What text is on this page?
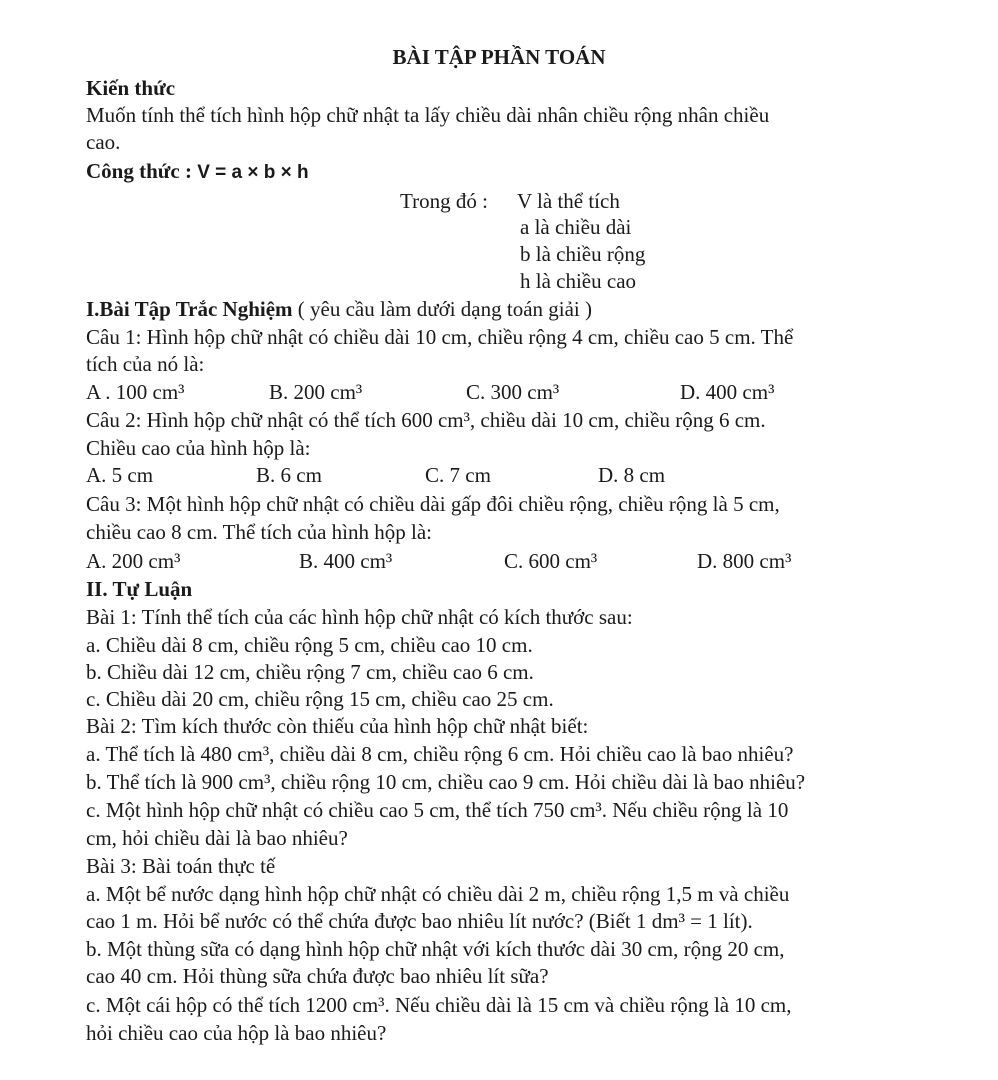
BÀI TẬP PHẦN TOÁN
Kiến thức
Muốn tính thể tích hình hộp chữ nhật ta lấy chiều dài nhân chiều rộng nhân chiều
cao.
Công thức : V = a × b × h
Trong đó :	V là thể tích
a là chiều dài
b là chiều rộng
h là chiều cao
I.Bài Tập Trắc Nghiệm ( yêu cầu làm dưới dạng toán giải )
Câu 1: Hình hộp chữ nhật có chiều dài 10 cm, chiều rộng 4 cm, chiều cao 5 cm. Thể
tích của nó là:
A . 100 cm³	B. 200 cm³	C. 300 cm³	D. 400 cm³
Câu 2: Hình hộp chữ nhật có thể tích 600 cm³, chiều dài 10 cm, chiều rộng 6 cm.
Chiều cao của hình hộp là:
A. 5 cm	B. 6 cm	C. 7 cm	D. 8 cm
Câu 3: Một hình hộp chữ nhật có chiều dài gấp đôi chiều rộng, chiều rộng là 5 cm,
chiều cao 8 cm. Thể tích của hình hộp là:
A. 200 cm³	B. 400 cm³	C. 600 cm³	D. 800 cm³
II. Tự Luận
Bài 1: Tính thể tích của các hình hộp chữ nhật có kích thước sau:
a. Chiều dài 8 cm, chiều rộng 5 cm, chiều cao 10 cm.
b. Chiều dài 12 cm, chiều rộng 7 cm, chiều cao 6 cm.
c. Chiều dài 20 cm, chiều rộng 15 cm, chiều cao 25 cm.
Bài 2: Tìm kích thước còn thiếu của hình hộp chữ nhật biết:
a. Thể tích là 480 cm³, chiều dài 8 cm, chiều rộng 6 cm. Hỏi chiều cao là bao nhiêu?
b. Thể tích là 900 cm³, chiều rộng 10 cm, chiều cao 9 cm. Hỏi chiều dài là bao nhiêu?
c. Một hình hộp chữ nhật có chiều cao 5 cm, thể tích 750 cm³. Nếu chiều rộng là 10
cm, hỏi chiều dài là bao nhiêu?
Bài 3: Bài toán thực tế
a. Một bể nước dạng hình hộp chữ nhật có chiều dài 2 m, chiều rộng 1,5 m và chiều
cao 1 m. Hỏi bể nước có thể chứa được bao nhiêu lít nước? (Biết 1 dm³ = 1 lít).
b. Một thùng sữa có dạng hình hộp chữ nhật với kích thước dài 30 cm, rộng 20 cm,
cao 40 cm. Hỏi thùng sữa chứa được bao nhiêu lít sữa?
c. Một cái hộp có thể tích 1200 cm³. Nếu chiều dài là 15 cm và chiều rộng là 10 cm,
hỏi chiều cao của hộp là bao nhiêu?
